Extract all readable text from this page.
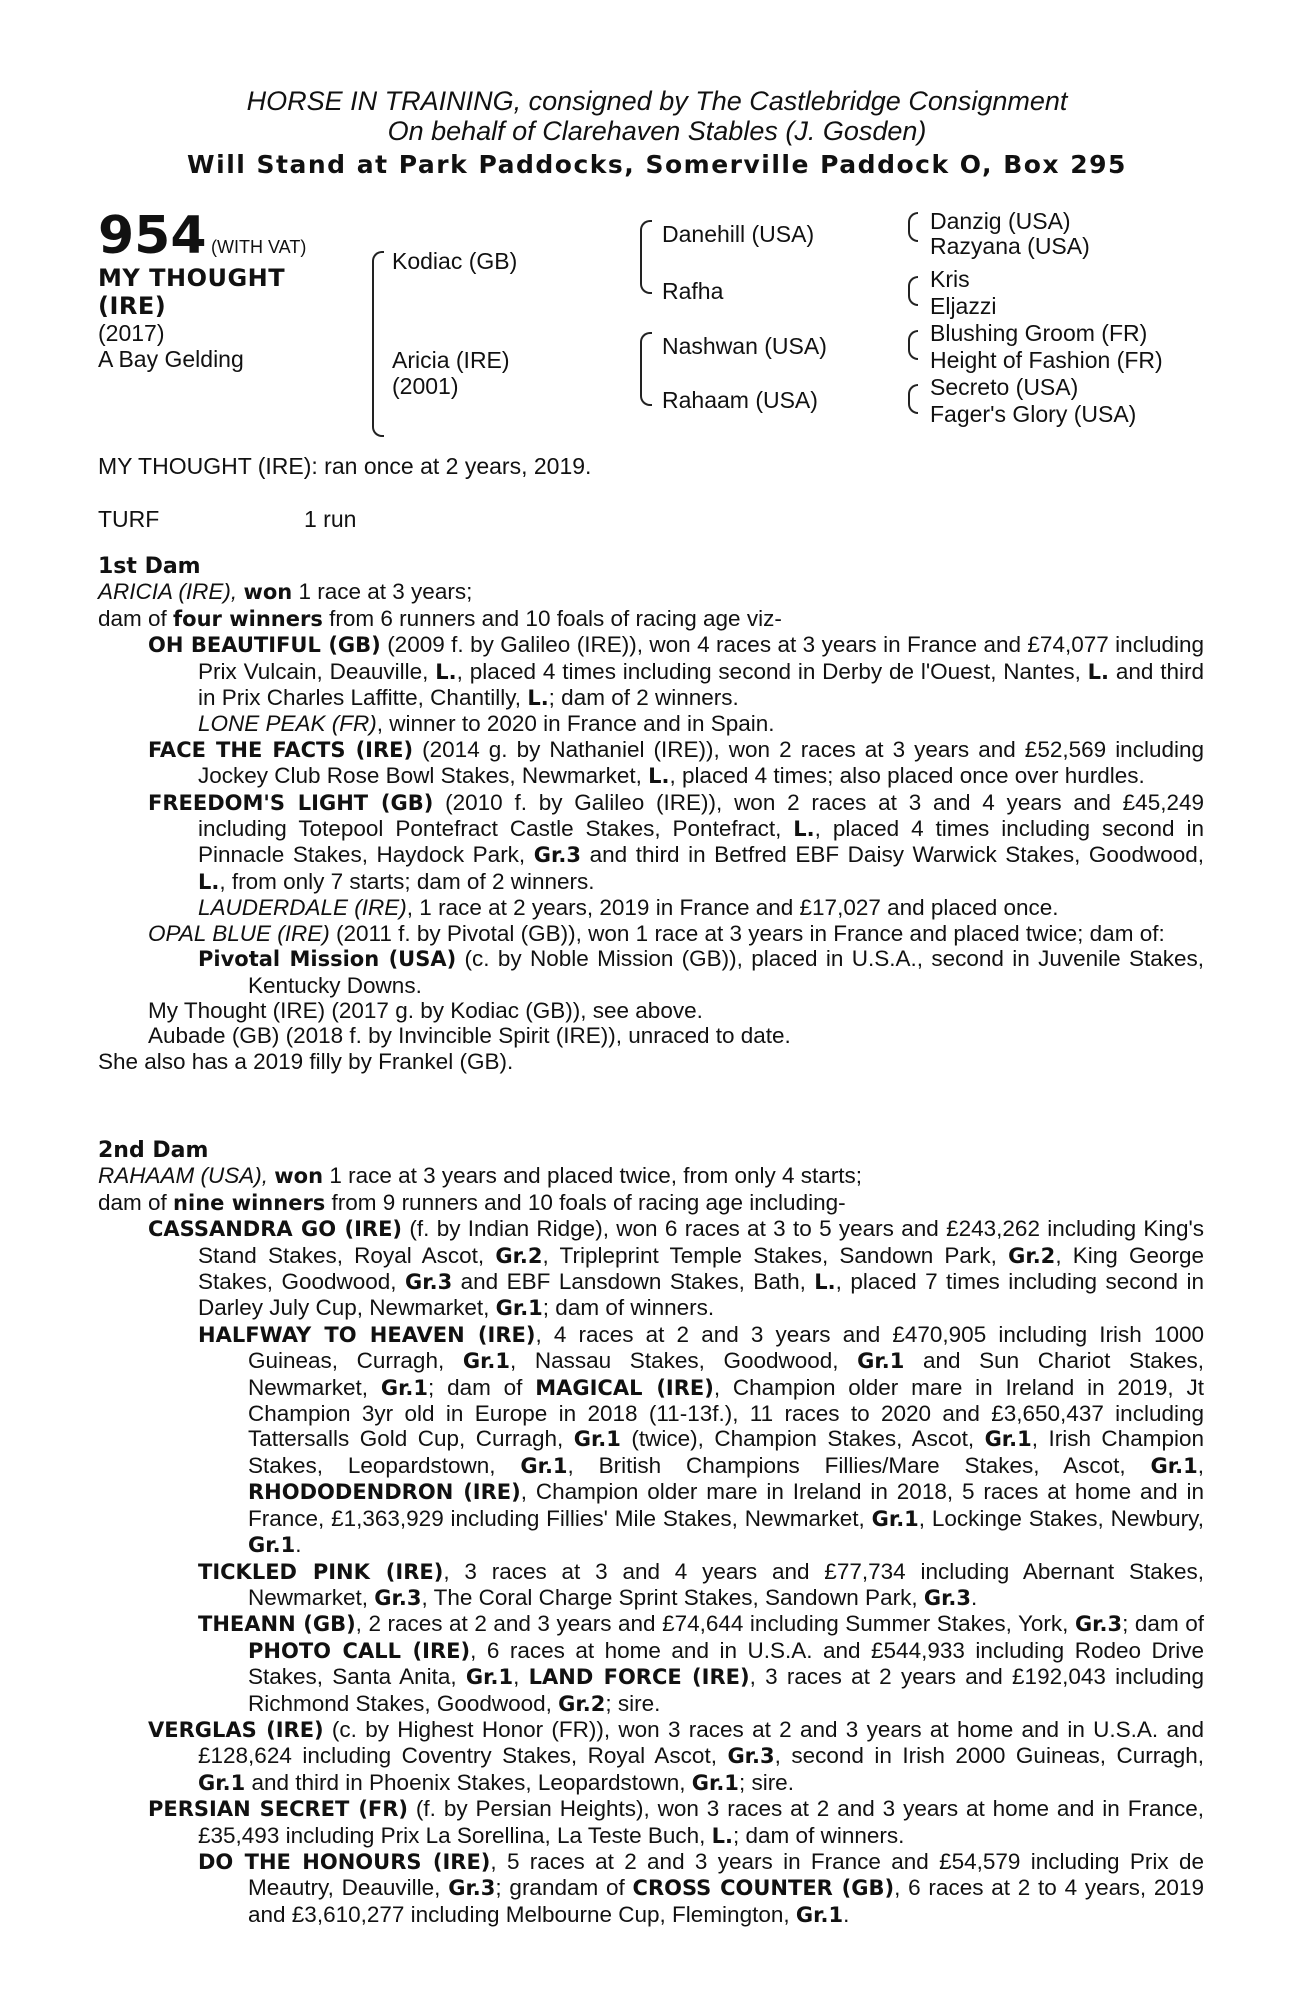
HORSE IN TRAINING, consigned by The Castlebridge Consignment
On behalf of Clarehaven Stables (J. Gosden)
Will Stand at Park Paddocks, Somerville Paddock O, Box 295
954 (WITH VAT)
MY THOUGHT
(IRE)
(2017)
A Bay Gelding
Kodiac (GB)
Aricia (IRE)
(2001)
Danehill (USA)
Rafha
Nashwan (USA)
Rahaam (USA)
Danzig (USA)
Razyana (USA)
Kris
Eljazzi
Blushing Groom (FR)
Height of Fashion (FR)
Secreto (USA)
Fager's Glory (USA)
MY THOUGHT (IRE): ran once at 2 years, 2019.
TURF	1 run
1st Dam

ARICIA (IRE), won 1 race at 3 years;

dam of four winners from 6 runners and 10 foals of racing age viz-

OH BEAUTIFUL (GB) (2009 f. by Galileo (IRE)), won 4 races at 3 years in France and £74,077 including Prix Vulcain, Deauville, L., placed 4 times including second in Derby de l'Ouest, Nantes, L. and third in Prix Charles Laffitte, Chantilly, L.; dam of 2 winners.

LONE PEAK (FR), winner to 2020 in France and in Spain.

FACE THE FACTS (IRE) (2014 g. by Nathaniel (IRE)), won 2 races at 3 years and £52,569 including Jockey Club Rose Bowl Stakes, Newmarket, L., placed 4 times; also placed once over hurdles.

FREEDOM'S LIGHT (GB) (2010 f. by Galileo (IRE)), won 2 races at 3 and 4 years and £45,249 including Totepool Pontefract Castle Stakes, Pontefract, L., placed 4 times including second in Pinnacle Stakes, Haydock Park, Gr.3 and third in Betfred EBF Daisy Warwick Stakes, Goodwood, L., from only 7 starts; dam of 2 winners.

LAUDERDALE (IRE), 1 race at 2 years, 2019 in France and £17,027 and placed once.

OPAL BLUE (IRE) (2011 f. by Pivotal (GB)), won 1 race at 3 years in France and placed twice; dam of:

Pivotal Mission (USA) (c. by Noble Mission (GB)), placed in U.S.A., second in Juvenile Stakes, Kentucky Downs.

My Thought (IRE) (2017 g. by Kodiac (GB)), see above.

Aubade (GB) (2018 f. by Invincible Spirit (IRE)), unraced to date.

She also has a 2019 filly by Frankel (GB).

2nd Dam

RAHAAM (USA), won 1 race at 3 years and placed twice, from only 4 starts;

dam of nine winners from 9 runners and 10 foals of racing age including-

CASSANDRA GO (IRE) (f. by Indian Ridge), won 6 races at 3 to 5 years and £243,262 including King's Stand Stakes, Royal Ascot, Gr.2, Tripleprint Temple Stakes, Sandown Park, Gr.2, King George Stakes, Goodwood, Gr.3 and EBF Lansdown Stakes, Bath, L., placed 7 times including second in Darley July Cup, Newmarket, Gr.1; dam of winners.

HALFWAY TO HEAVEN (IRE), 4 races at 2 and 3 years and £470,905 including Irish 1000 Guineas, Curragh, Gr.1, Nassau Stakes, Goodwood, Gr.1 and Sun Chariot Stakes, Newmarket, Gr.1; dam of MAGICAL (IRE), Champion older mare in Ireland in 2019, Jt Champion 3yr old in Europe in 2018 (11-13f.), 11 races to 2020 and £3,650,437 including Tattersalls Gold Cup, Curragh, Gr.1 (twice), Champion Stakes, Ascot, Gr.1, Irish Champion Stakes, Leopardstown, Gr.1, British Champions Fillies/Mare Stakes, Ascot, Gr.1, RHODODENDRON (IRE), Champion older mare in Ireland in 2018, 5 races at home and in France, £1,363,929 including Fillies' Mile Stakes, Newmarket, Gr.1, Lockinge Stakes, Newbury, Gr.1.

TICKLED PINK (IRE), 3 races at 3 and 4 years and £77,734 including Abernant Stakes, Newmarket, Gr.3, The Coral Charge Sprint Stakes, Sandown Park, Gr.3.

THEANN (GB), 2 races at 2 and 3 years and £74,644 including Summer Stakes, York, Gr.3; dam of PHOTO CALL (IRE), 6 races at home and in U.S.A. and £544,933 including Rodeo Drive Stakes, Santa Anita, Gr.1, LAND FORCE (IRE), 3 races at 2 years and £192,043 including Richmond Stakes, Goodwood, Gr.2; sire.

VERGLAS (IRE) (c. by Highest Honor (FR)), won 3 races at 2 and 3 years at home and in U.S.A. and £128,624 including Coventry Stakes, Royal Ascot, Gr.3, second in Irish 2000 Guineas, Curragh, Gr.1 and third in Phoenix Stakes, Leopardstown, Gr.1; sire.

PERSIAN SECRET (FR) (f. by Persian Heights), won 3 races at 2 and 3 years at home and in France, £35,493 including Prix La Sorellina, La Teste Buch, L.; dam of winners.

DO THE HONOURS (IRE), 5 races at 2 and 3 years in France and £54,579 including Prix de Meautry, Deauville, Gr.3; grandam of CROSS COUNTER (GB), 6 races at 2 to 4 years, 2019 and £3,610,277 including Melbourne Cup, Flemington, Gr.1.
